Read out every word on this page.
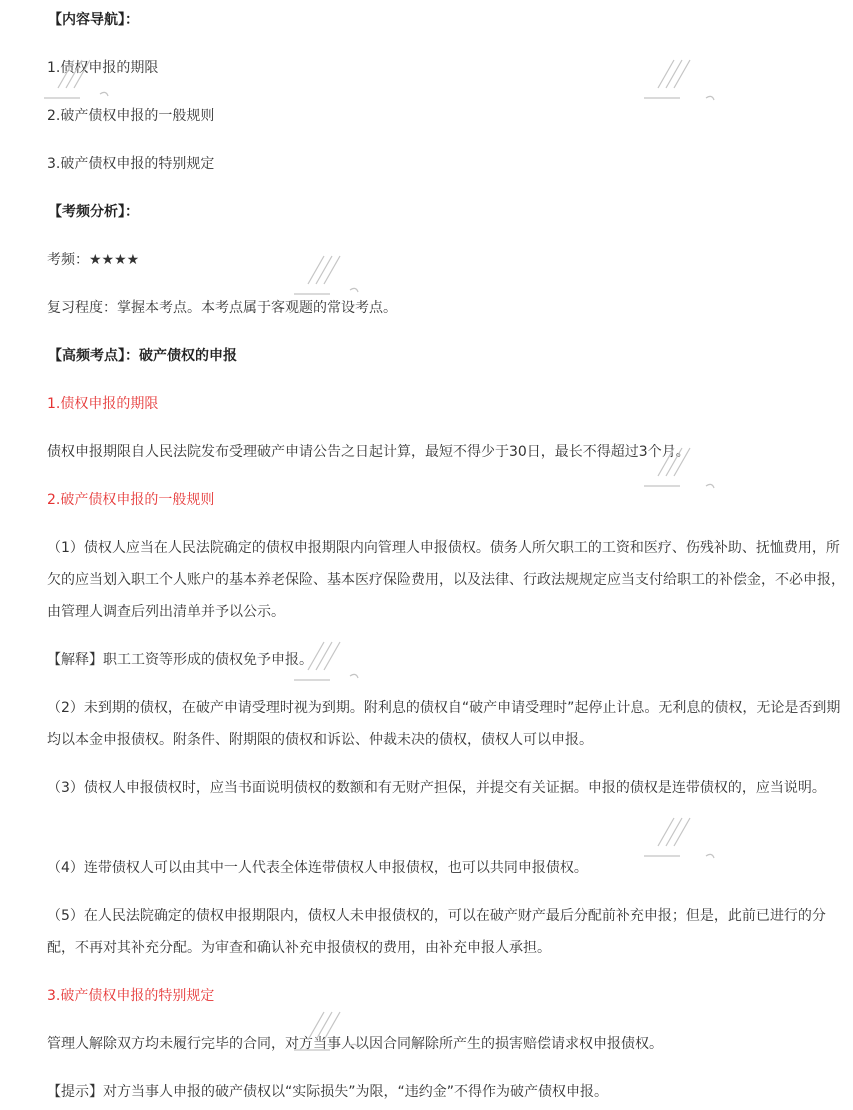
【内容导航】：
1.债权申报的期限
2.破产债权申报的一般规则
3.破产债权申报的特别规定
【考频分析】：
考频：★★★★
复习程度：掌握本考点。本考点属于客观题的常设考点。
【高频考点】：破产债权的申报
1.债权申报的期限
债权申报期限自人民法院发布受理破产申请公告之日起计算，最短不得少于30日，最长不得超过3个月。
2.破产债权申报的一般规则
（1）债权人应当在人民法院确定的债权申报期限内向管理人申报债权。债务人所欠职工的工资和医疗、伤残补助、抚恤费用，所欠的应当划入职工个人账户的基本养老保险、基本医疗保险费用，以及法律、行政法规规定应当支付给职工的补偿金，不必申报，由管理人调查后列出清单并予以公示。
【解释】职工工资等形成的债权免予申报。
（2）未到期的债权，在破产申请受理时视为到期。附利息的债权自“破产申请受理时”起停止计息。无利息的债权，无论是否到期均以本金申报债权。附条件、附期限的债权和诉讼、仲裁未决的债权，债权人可以申报。
（3）债权人申报债权时，应当书面说明债权的数额和有无财产担保，并提交有关证据。申报的债权是连带债权的，应当说明。
（4）连带债权人可以由其中一人代表全体连带债权人申报债权，也可以共同申报债权。
（5）在人民法院确定的债权申报期限内，债权人未申报债权的，可以在破产财产最后分配前补充申报；但是，此前已进行的分配，不再对其补充分配。为审查和确认补充申报债权的费用，由补充申报人承担。
3.破产债权申报的特别规定
管理人解除双方均未履行完毕的合同，对方当事人以因合同解除所产生的损害赔偿请求权申报债权。
【提示】对方当事人申报的破产债权以“实际损失”为限，“违约金”不得作为破产债权申报。
